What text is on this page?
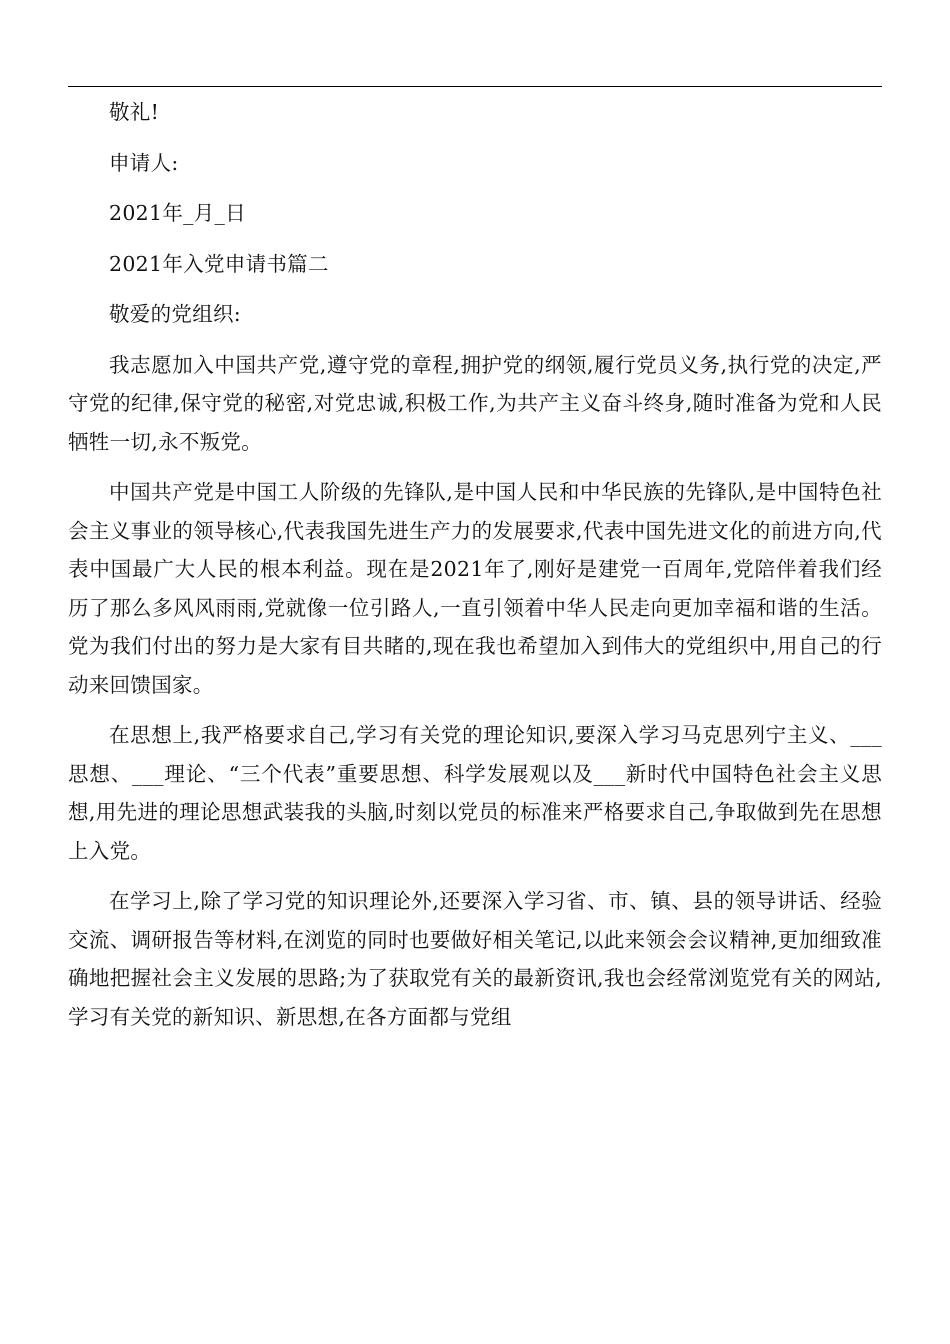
敬礼!

申请人:

2021年_月_日

2021年入党申请书篇二

敬爱的党组织:

我志愿加入中国共产党,遵守党的章程,拥护党的纲领,履行党员义务,执行党的决定,严守党的纪律,保守党的秘密,对党忠诚,积极工作,为共产主义奋斗终身,随时准备为党和人民牺牲一切,永不叛党。

中国共产党是中国工人阶级的先锋队,是中国人民和中华民族的先锋队,是中国特色社会主义事业的领导核心,代表我国先进生产力的发展要求,代表中国先进文化的前进方向,代表中国最广大人民的根本利益。现在是2021年了,刚好是建党一百周年,党陪伴着我们经历了那么多风风雨雨,党就像一位引路人,一直引领着中华人民走向更加幸福和谐的生活。党为我们付出的努力是大家有目共睹的,现在我也希望加入到伟大的党组织中,用自己的行动来回馈国家。

在思想上,我严格要求自己,学习有关党的理论知识,要深入学习马克思列宁主义、___思想、___理论、“三个代表”重要思想、科学发展观以及___新时代中国特色社会主义思想,用先进的理论思想武装我的头脑,时刻以党员的标准来严格要求自己,争取做到先在思想上入党。

在学习上,除了学习党的知识理论外,还要深入学习省、市、镇、县的领导讲话、经验交流、调研报告等材料,在浏览的同时也要做好相关笔记,以此来领会会议精神,更加细致准确地把握社会主义发展的思路;为了获取党有关的最新资讯,我也会经常浏览党有关的网站,学习有关党的新知识、新思想,在各方面都与党组
